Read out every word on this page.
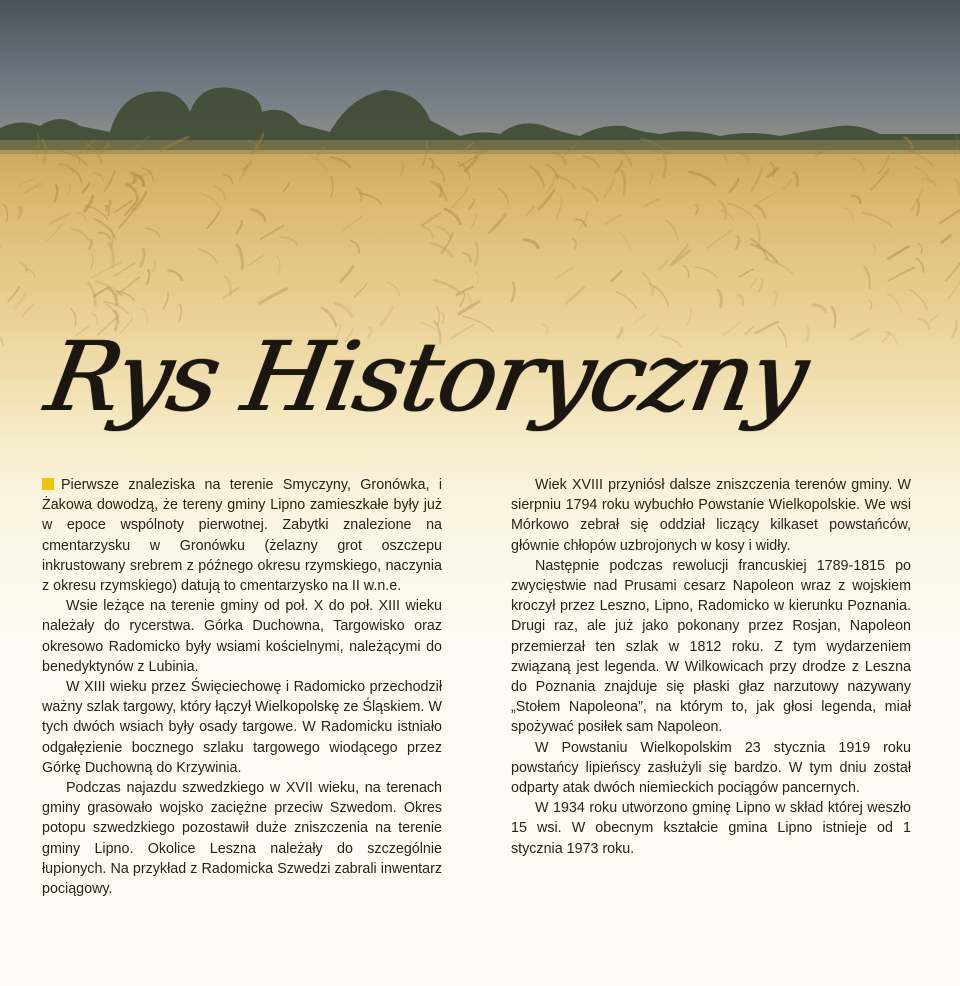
Rys Historyczny

Pierwsze znaleziska na terenie Smyczyny, Gronówka, i Żakowa dowodzą, że tereny gminy Lipno zamieszkałe były już w epoce wspólnoty pierwotnej. Zabytki znalezione na cmentarzysku w Gronówku (żelazny grot oszczepu inkrustowany srebrem z późnego okresu rzymskiego, naczynia z okresu rzymskiego) datują to cmentarzysko na II w.n.e.

Wsie leżące na terenie gminy od poł. X do poł. XIII wieku należały do rycerstwa. Górka Duchowna, Targowisko oraz okresowo Radomicko były wsiami kościelnymi, należącymi do benedyktynów z Lubinia.

W XIII wieku przez Święciechowę i Radomicko przechodził ważny szlak targowy, który łączył Wielkopolskę ze Śląskiem. W tych dwóch wsiach były osady targowe. W Radomicku istniało odgałęzienie bocznego szlaku targowego wiodącego przez Górkę Duchowną do Krzywinia.

Podczas najazdu szwedzkiego w XVII wieku, na terenach gminy grasowało wojsko zaciężne przeciw Szwedom. Okres potopu szwedzkiego pozostawił duże zniszczenia na terenie gminy Lipno. Okolice Leszna należały do szczególnie łupionych. Na przykład z Radomicka Szwedzi zabrali inwentarz pociągowy.

Wiek XVIII przyniósł dalsze zniszczenia terenów gminy. W sierpniu 1794 roku wybuchło Powstanie Wielkopolskie. We wsi Mórkowo zebrał się oddział liczący kilkaset powstańców, głównie chłopów uzbrojonych w kosy i widły.

Następnie podczas rewolucji francuskiej 1789-1815 po zwycięstwie nad Prusami cesarz Napoleon wraz z wojskiem kroczył przez Leszno, Lipno, Radomicko w kierunku Poznania. Drugi raz, ale już jako pokonany przez Rosjan, Napoleon przemierzał ten szlak w 1812 roku. Z tym wydarzeniem związaną jest legenda. W Wilkowicach przy drodze z Leszna do Poznania znajduje się płaski głaz narzutowy nazywany „Stołem Napoleona”, na którym to, jak głosi legenda, miał spożywać posiłek sam Napoleon.

W Powstaniu Wielkopolskim 23 stycznia 1919 roku powstańcy lipieńscy zasłużyli się bardzo. W tym dniu został odparty atak dwóch niemieckich pociągów pancernych.

W 1934 roku utworzono gminę Lipno w skład której weszło 15 wsi. W obecnym kształcie gmina Lipno istnieje od 1 stycznia 1973 roku.
